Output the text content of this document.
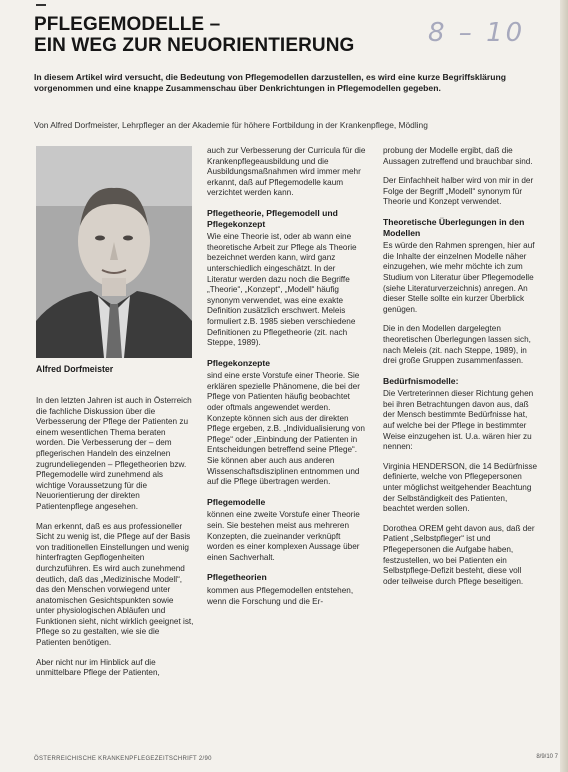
PFLEGEMODELLE –
EIN WEG ZUR NEUORIENTIERUNG	8 – 10
In diesem Artikel wird versucht, die Bedeutung von Pflegemodellen darzustellen, es wird eine kurze Begriffsklärung vorgenommen und eine knappe Zusammenschau über Denkrichtungen in Pflegemodellen gegeben.
Von Alfred Dorfmeister, Lehrpfleger an der Akademie für höhere Fortbildung in der Krankenpflege, Mödling
Alfred Dorfmeister

In den letzten Jahren ist auch in Österreich die fachliche Diskussion über die Verbesserung der Pflege der Patienten zu einem wesentlichen Thema beraten worden. Die Verbesserung der – dem pflegerischen Handeln des einzelnen zugrundeliegenden – Pflegetheorien bzw. Pflegemodelle wird zunehmend als wichtige Voraussetzung für die Neuorientierung der direkten Patientenpflege angesehen.

Man erkennt, daß es aus professioneller Sicht zu wenig ist, die Pflege auf der Basis von traditionellen Einstellungen und wenig hinterfragten Gepflogenheiten durchzuführen. Es wird auch zunehmend deutlich, daß das „Medizinische Modell“, das den Menschen vorwiegend unter anatomischen Gesichtspunkten sowie unter physiologischen Abläufen und Funktionen sieht, nicht wirklich geeignet ist, Pflege so zu gestalten, wie sie die Patienten benötigen.

Aber nicht nur im Hinblick auf die unmittelbare Pflege der Patienten,

auch zur Verbesserung der Curricula für die Krankenpflegeausbildung und die Ausbildungsmaßnahmen wird immer mehr erkannt, daß auf Pflegemodelle kaum verzichtet werden kann.

Pflegetheorie, Pflegemodell und Pflegekonzept

Wie eine Theorie ist, oder ab wann eine theoretische Arbeit zur Pflege als Theorie bezeichnet werden kann, wird ganz unterschiedlich eingeschätzt. In der Literatur werden dazu noch die Begriffe „Theorie“, „Konzept“, „Modell“ häufig synonym verwendet, was eine exakte Definition zusätzlich erschwert. Meleis formuliert z.B. 1985 sieben verschiedene Definitionen zu Pflegetheorie (zit. nach Steppe, 1989).

Pflegekonzepte

sind eine erste Vorstufe einer Theorie. Sie erklären spezielle Phänomene, die bei der Pflege von Patienten häufig beobachtet oder oftmals angewendet werden. Konzepte können sich aus der direkten Pflege ergeben, z.B. „Individualisierung von Pflege“ oder „Einbindung der Patienten in Entscheidungen betreffend seine Pflege“. Sie können aber auch aus anderen Wissenschaftsdisziplinen entnommen und auf die Pflege übertragen werden.

Pflegemodelle

können eine zweite Vorstufe einer Theorie sein. Sie bestehen meist aus mehreren Konzepten, die zueinander verknüpft worden es einer komplexen Aussage über einen Sachverhalt.

Pflegetheorien

kommen aus Pflegemodellen entstehen, wenn die Forschung und die Er-

probung der Modelle ergibt, daß die Aussagen zutreffend und brauchbar sind.

Der Einfachheit halber wird von mir in der Folge der Begriff „Modell“ synonym für Theorie und Konzept verwendet.

Theoretische Überlegungen in den Modellen

Es würde den Rahmen sprengen, hier auf die Inhalte der einzelnen Modelle näher einzugehen, wie mehr möchte ich zum Studium von Literatur über Pflegemodelle (siehe Literaturverzeichnis) anregen. An dieser Stelle sollte ein kurzer Überblick genügen.

Die in den Modellen dargelegten theoretischen Überlegungen lassen sich, nach Meleis (zit. nach Steppe, 1989), in drei große Gruppen zusammenfassen.

Bedürfnismodelle:

Die Vertreterinnen dieser Richtung gehen bei ihren Betrachtungen davon aus, daß der Mensch bestimmte Bedürfnisse hat, auf welche bei der Pflege in bestimmter Weise einzugehen ist. U.a. wären hier zu nennen:

Virginia HENDERSON, die 14 Bedürfnisse definierte, welche von Pflegepersonen unter möglichst weitgehender Beachtung der Selbständigkeit des Patienten, beachtet werden sollen.

Dorothea OREM geht davon aus, daß der Patient „Selbstpfleger“ ist und Pflegepersonen die Aufgabe haben, festzustellen, wo bei Patienten ein Selbstpflege-Defizit besteht, diese voll oder teilweise durch Pflege beseitigen.

ÖSTERREICHISCHE KRANKENPFLEGEZEITSCHRIFT 2/90	8/9/10 7
